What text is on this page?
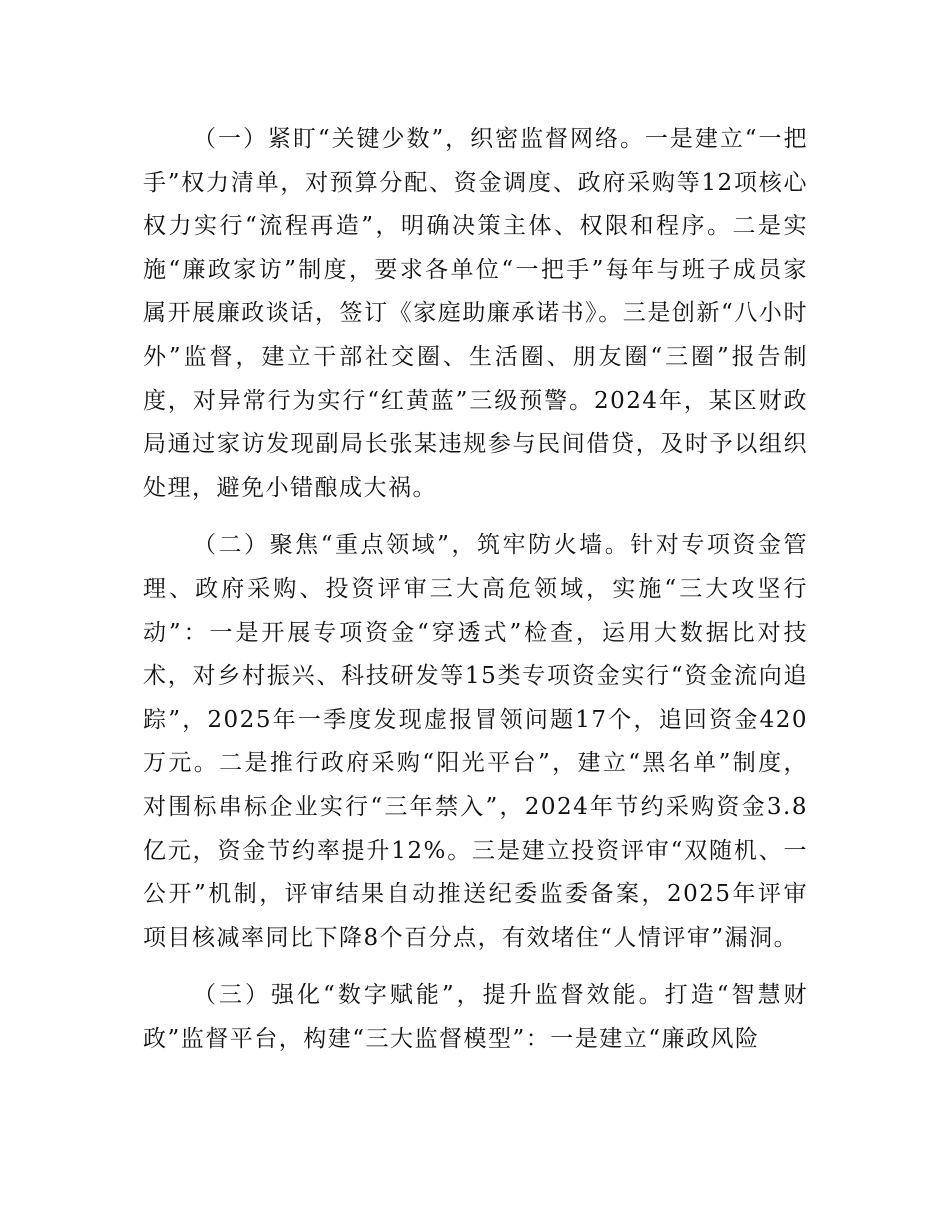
（一）紧盯“关键少数”，织密监督网络。一是建立“一把手”权力清单，对预算分配、资金调度、政府采购等12项核心权力实行“流程再造”，明确决策主体、权限和程序。二是实施“廉政家访”制度，要求各单位“一把手”每年与班子成员家属开展廉政谈话，签订《家庭助廉承诺书》。三是创新“八小时外”监督，建立干部社交圈、生活圈、朋友圈“三圈”报告制度，对异常行为实行“红黄蓝”三级预警。2024年，某区财政局通过家访发现副局长张某违规参与民间借贷，及时予以组织处理，避免小错酿成大祸。

（二）聚焦“重点领域”，筑牢防火墙。针对专项资金管理、政府采购、投资评审三大高危领域，实施“三大攻坚行动”：一是开展专项资金“穿透式”检查，运用大数据比对技术，对乡村振兴、科技研发等15类专项资金实行“资金流向追踪”，2025年一季度发现虚报冒领问题17个，追回资金420万元。二是推行政府采购“阳光平台”，建立“黑名单”制度，对围标串标企业实行“三年禁入”，2024年节约采购资金3.8亿元，资金节约率提升12%。三是建立投资评审“双随机、一公开”机制，评审结果自动推送纪委监委备案，2025年评审项目核减率同比下降8个百分点，有效堵住“人情评审”漏洞。

（三）强化“数字赋能”，提升监督效能。打造“智慧财政”监督平台，构建“三大监督模型”：一是建立“廉政风险
